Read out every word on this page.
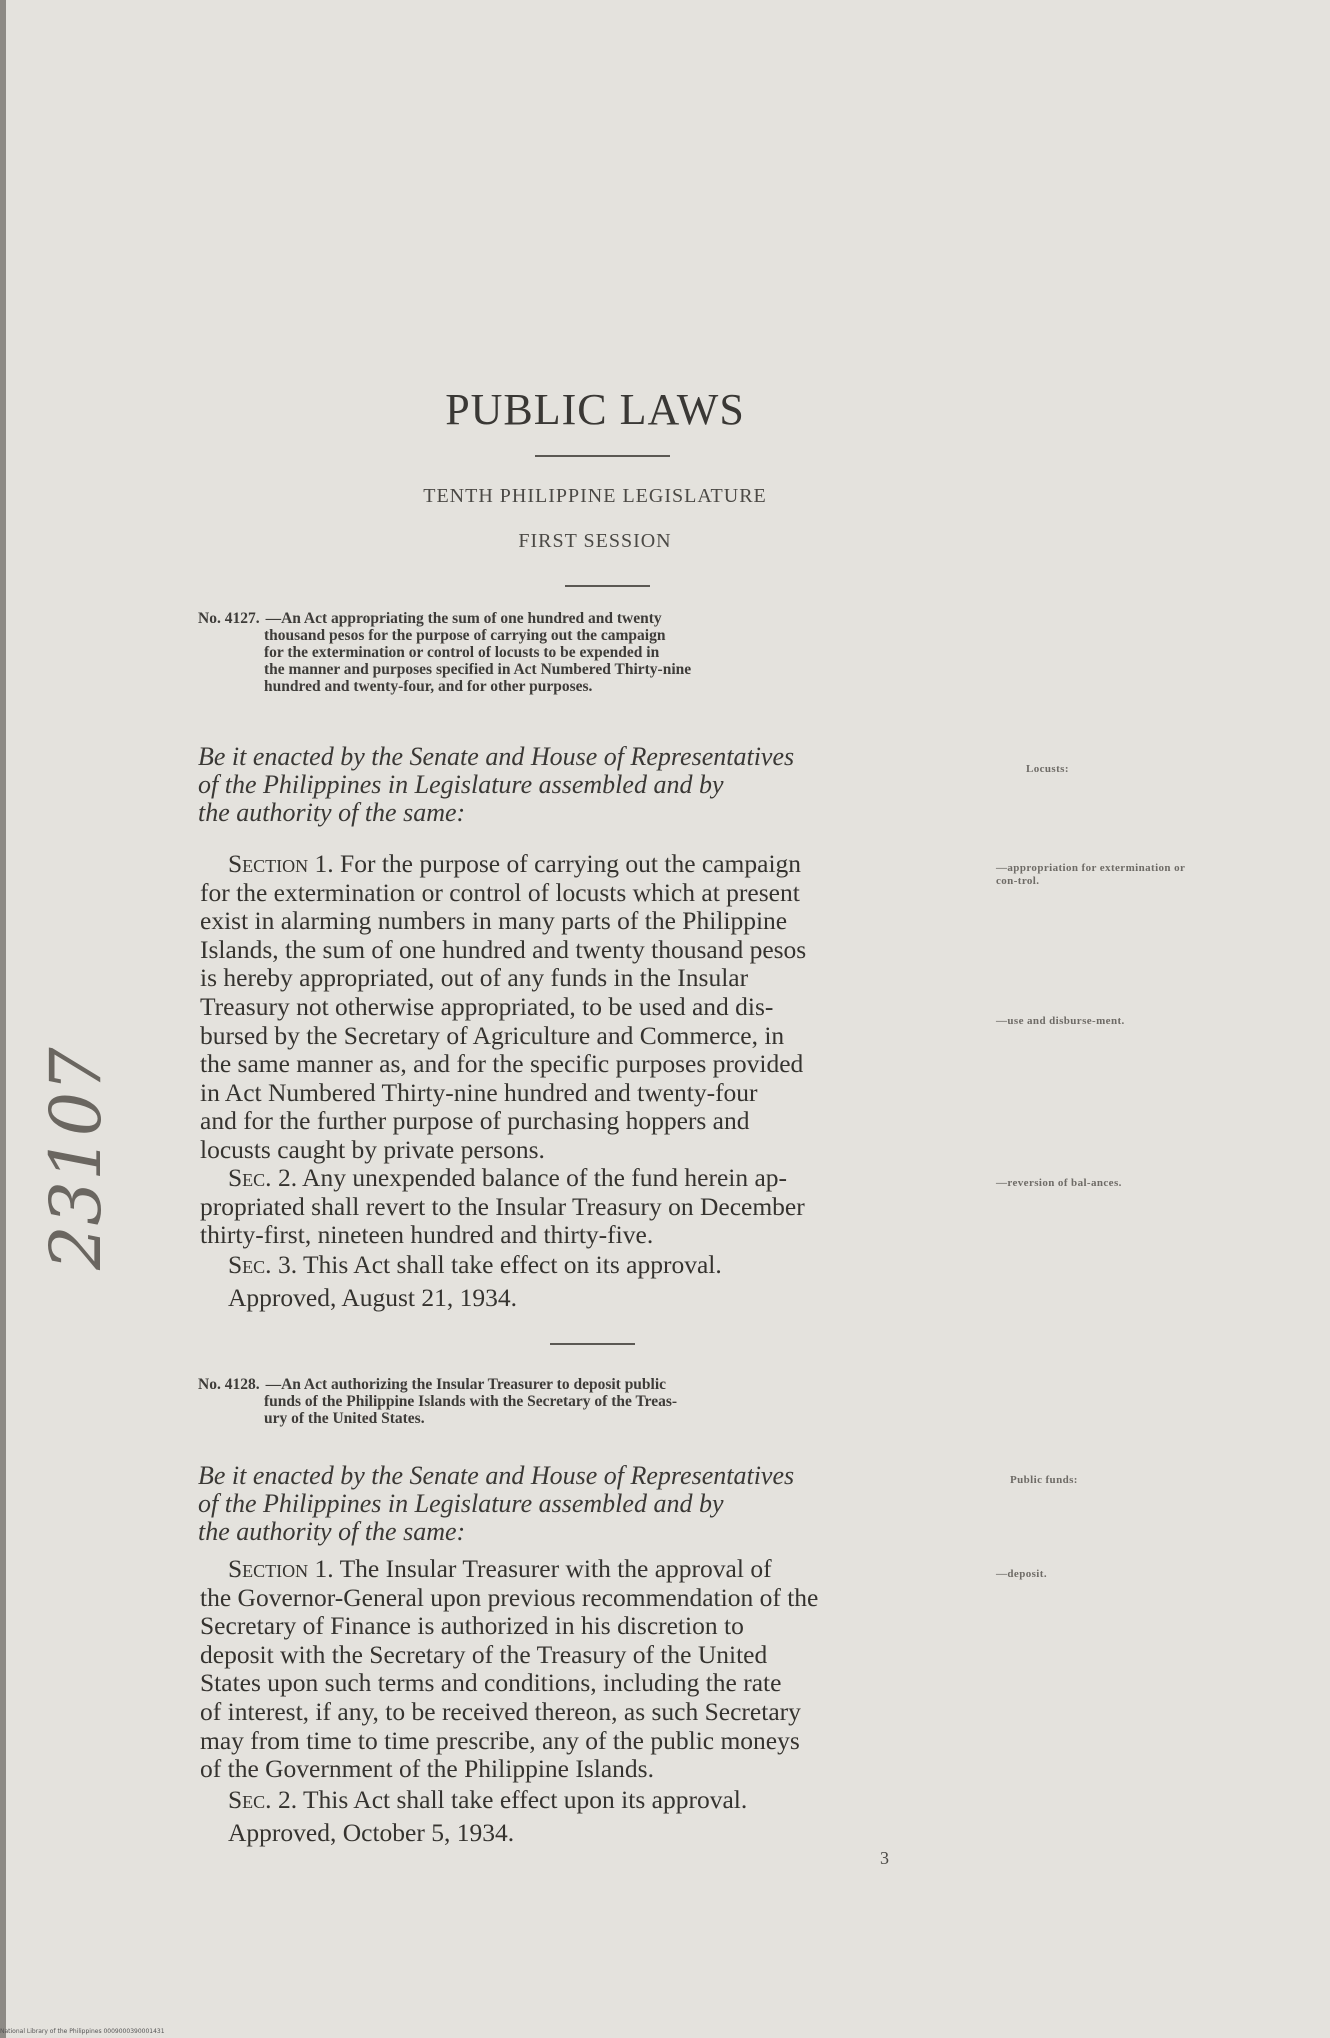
23107
PUBLIC LAWS
TENTH PHILIPPINE LEGISLATURE
FIRST SESSION
No. 4127. —An Act appropriating the sum of one hundred and twenty
thousand pesos for the purpose of carrying out the campaign
for the extermination or control of locusts to be expended in
the manner and purposes specified in Act Numbered Thirty-nine
hundred and twenty-four, and for other purposes.
Be it enacted by the Senate and House of Representatives
of the Philippines in Legislature assembled and by
the authority of the same:
Locusts:
Section 1. For the purpose of carrying out the campaign
for the extermination or control of locusts which at present
exist in alarming numbers in many parts of the Philippine
Islands, the sum of one hundred and twenty thousand pesos
is hereby appropriated, out of any funds in the Insular
Treasury not otherwise appropriated, to be used and dis-
bursed by the Secretary of Agriculture and Commerce, in
the same manner as, and for the specific purposes provided
in Act Numbered Thirty-nine hundred and twenty-four
and for the further purpose of purchasing hoppers and
locusts caught by private persons.
—appropriation for extermination or con-trol.
—use and disburse-ment.
Sec. 2. Any unexpended balance of the fund herein ap-
propriated shall revert to the Insular Treasury on December
thirty-first, nineteen hundred and thirty-five.
—reversion of bal-ances.
Sec. 3. This Act shall take effect on its approval.
Approved, August 21, 1934.
No. 4128. —An Act authorizing the Insular Treasurer to deposit public
funds of the Philippine Islands with the Secretary of the Treas-
ury of the United States.
Be it enacted by the Senate and House of Representatives
of the Philippines in Legislature assembled and by
the authority of the same:
Public funds:
Section 1. The Insular Treasurer with the approval of
the Governor-General upon previous recommendation of the
Secretary of Finance is authorized in his discretion to
deposit with the Secretary of the Treasury of the United
States upon such terms and conditions, including the rate
of interest, if any, to be received thereon, as such Secretary
may from time to time prescribe, any of the public moneys
of the Government of the Philippine Islands.
—deposit.
Sec. 2. This Act shall take effect upon its approval.
Approved, October 5, 1934.
3
National Library of the Philippines 0009000390001431
